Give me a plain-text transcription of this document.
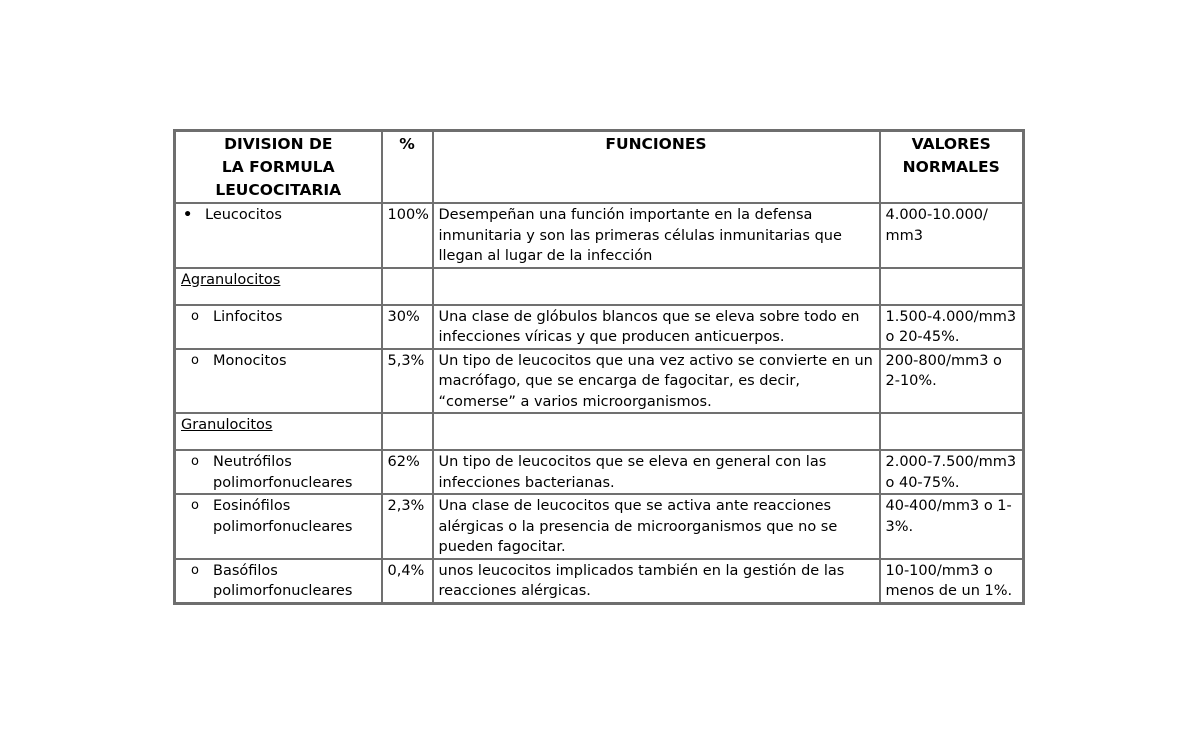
DIVISION DE LA FORMULA LEUCOCITARIA	%	FUNCIONES	VALORES NORMALES

• Leucocitos	100%	Desempeñan una función importante en la defensa inmunitaria y son las primeras células inmunitarias que llegan al lugar de la infección	4.000-10.000/ mm3
Agranulocitos			

o Linfocitos	30%	Una clase de glóbulos blancos que se eleva sobre todo en infecciones víricas y que producen anticuerpos.	1.500-4.000/mm3 o 20-45%.

o Monocitos	5,3%	Un tipo de leucocitos que una vez activo se convierte en un macrófago, que se encarga de fagocitar, es decir, “comerse” a varios microorganismos.	200-800/mm3 o 2-10%.
Granulocitos			

o Neutrófilos polimorfonucleares	62%	Un tipo de leucocitos que se eleva en general con las infecciones bacterianas.	2.000-7.500/mm3 o 40-75%.

o Eosinófilos polimorfonucleares	2,3%	Una clase de leucocitos que se activa ante reacciones alérgicas o la presencia de microorganismos que no se pueden fagocitar.	40-400/mm3 o 1-3%.

o Basófilos polimorfonucleares	0,4%	unos leucocitos implicados también en la gestión de las reacciones alérgicas.	10-100/mm3 o menos de un 1%.
